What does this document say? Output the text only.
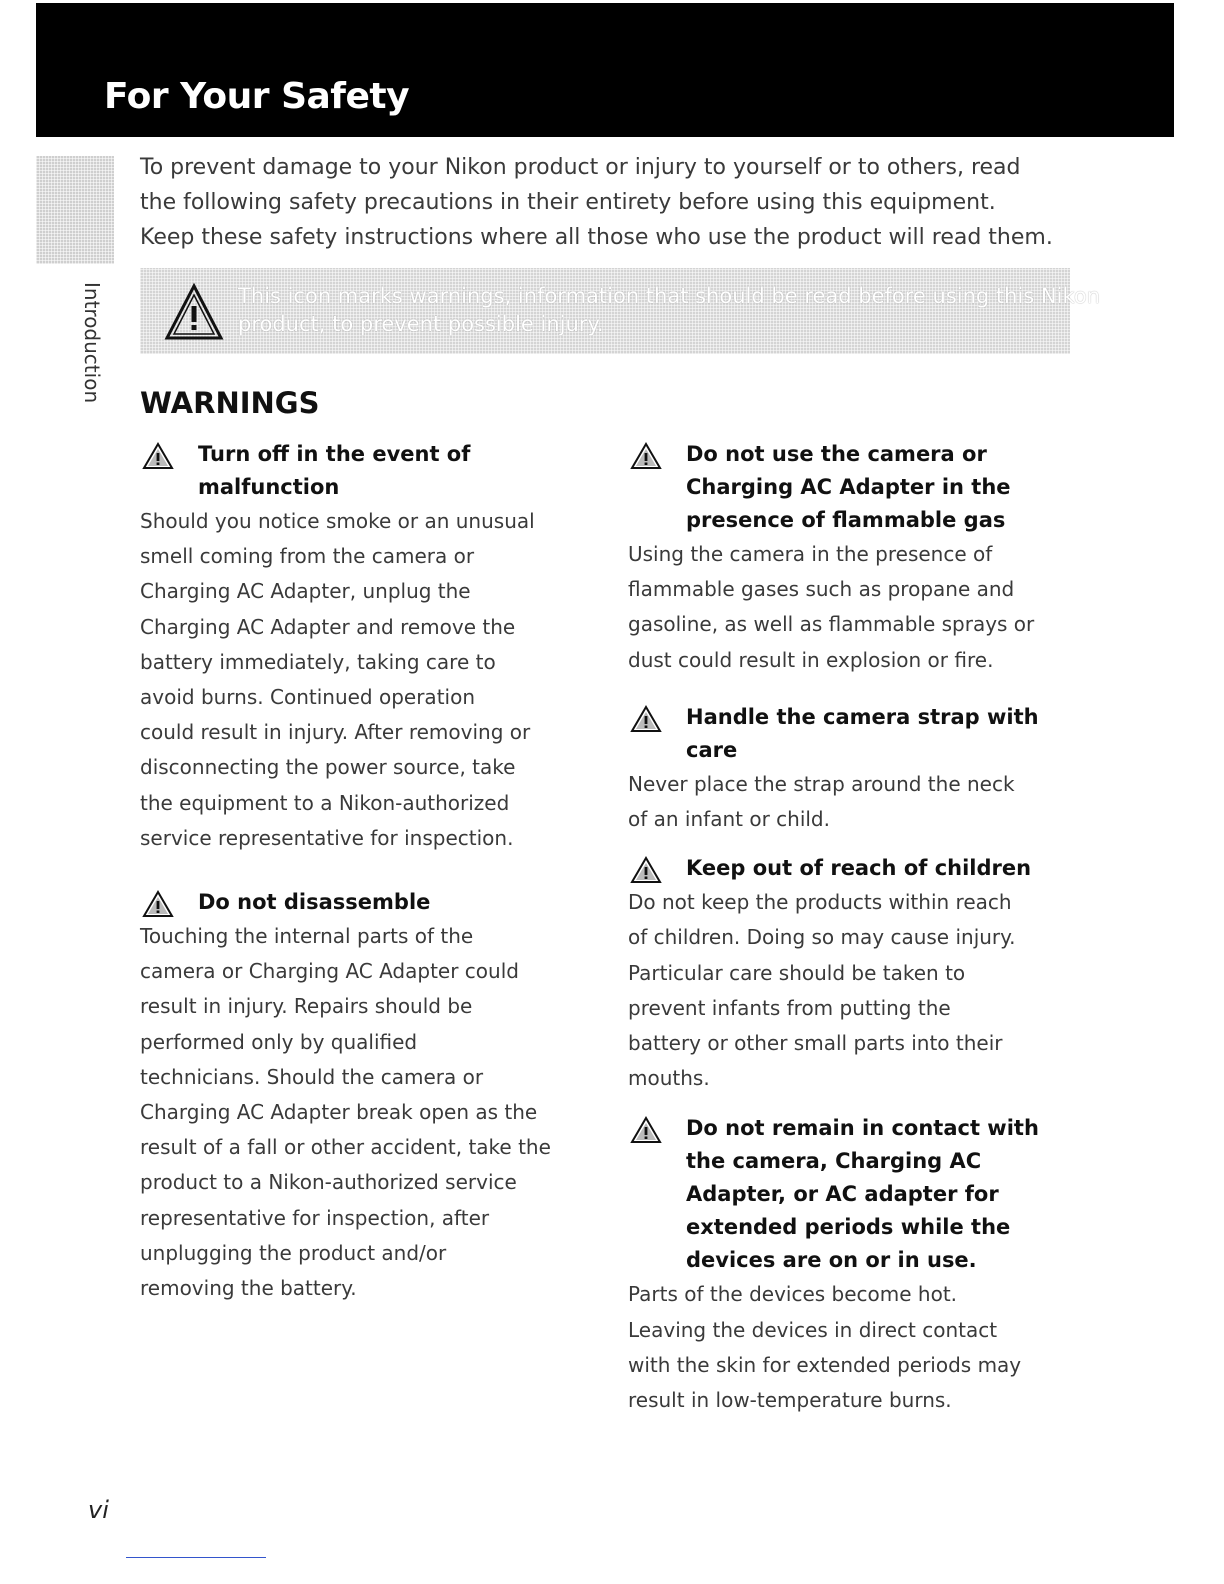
For Your Safety
Introduction

To prevent damage to your Nikon product or injury to yourself or to others, read
the following safety precautions in their entirety before using this equipment.
Keep these safety instructions where all those who use the product will read them.

This icon marks warnings, information that should be read before using this Nikon
product, to prevent possible injury.
WARNINGS
Turn off in the event of
malfunction
Should you notice smoke or an unusual
smell coming from the camera or
Charging AC Adapter, unplug the
Charging AC Adapter and remove the
battery immediately, taking care to
avoid burns. Continued operation
could result in injury. After removing or
disconnecting the power source, take
the equipment to a Nikon-authorized
service representative for inspection.
Do not disassemble
Touching the internal parts of the
camera or Charging AC Adapter could
result in injury. Repairs should be
performed only by qualified
technicians. Should the camera or
Charging AC Adapter break open as the
result of a fall or other accident, take the
product to a Nikon-authorized service
representative for inspection, after
unplugging the product and/or
removing the battery.
Do not use the camera or
Charging AC Adapter in the
presence of flammable gas
Using the camera in the presence of
flammable gases such as propane and
gasoline, as well as flammable sprays or
dust could result in explosion or fire.
Handle the camera strap with
care
Never place the strap around the neck
of an infant or child.
Keep out of reach of children
Do not keep the products within reach
of children. Doing so may cause injury.
Particular care should be taken to
prevent infants from putting the
battery or other small parts into their
mouths.
Do not remain in contact with
the camera, Charging AC
Adapter, or AC adapter for
extended periods while the
devices are on or in use.
Parts of the devices become hot.
Leaving the devices in direct contact
with the skin for extended periods may
result in low-temperature burns.
vi
